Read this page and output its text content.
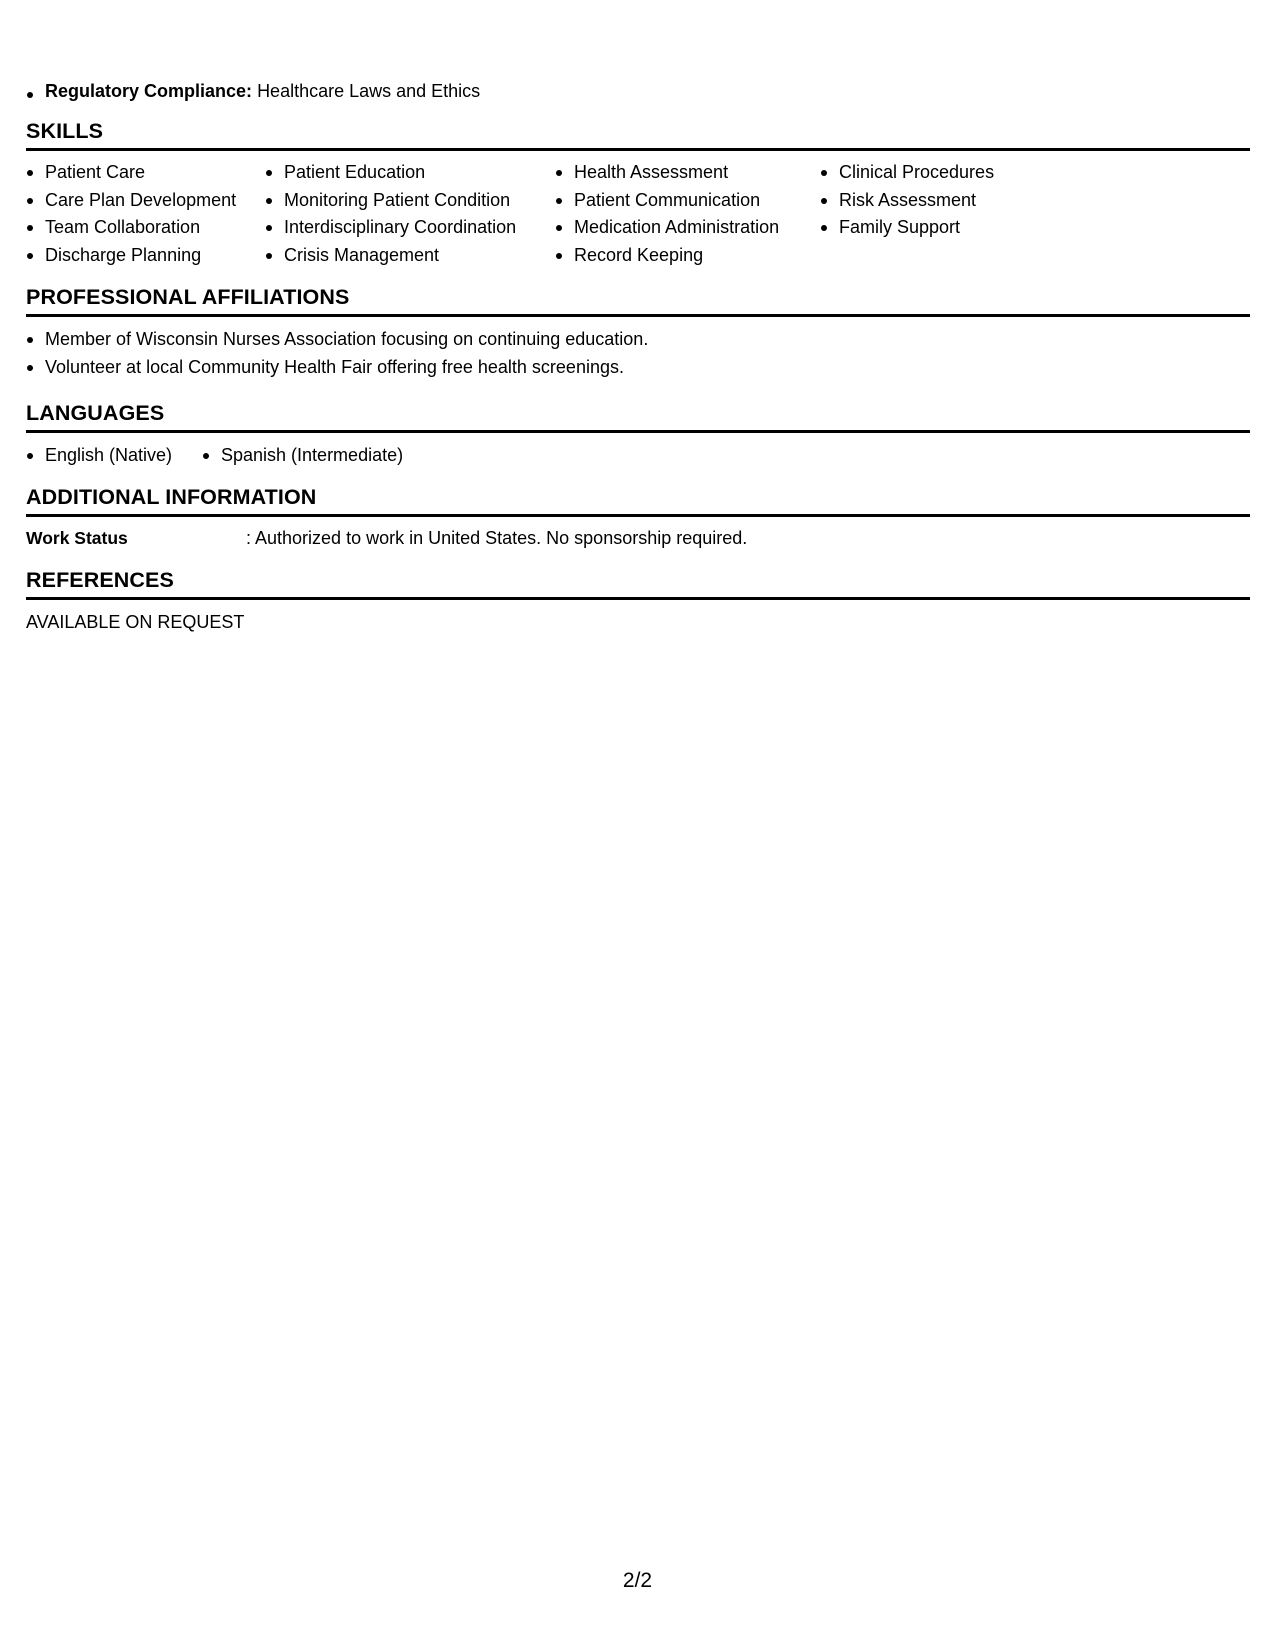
Regulatory Compliance: Healthcare Laws and Ethics
SKILLS
Patient Care
Care Plan Development
Team Collaboration
Discharge Planning
Patient Education
Monitoring Patient Condition
Interdisciplinary Coordination
Crisis Management
Health Assessment
Patient Communication
Medication Administration
Record Keeping
Clinical Procedures
Risk Assessment
Family Support
PROFESSIONAL AFFILIATIONS
Member of Wisconsin Nurses Association focusing on continuing education.
Volunteer at local Community Health Fair offering free health screenings.
LANGUAGES
English (Native)	Spanish (Intermediate)
ADDITIONAL INFORMATION
Work Status	: Authorized to work in United States. No sponsorship required.
REFERENCES
AVAILABLE ON REQUEST
2/2
